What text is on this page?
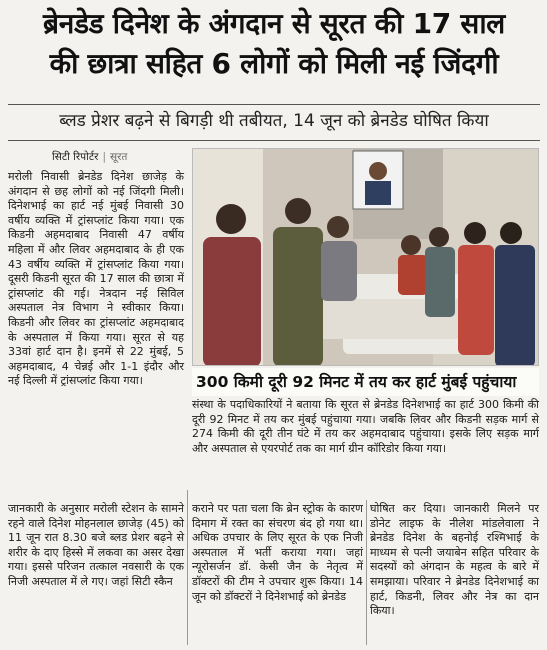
ब्रेनडेड दिनेश के अंगदान से सूरत की 17 साल
की छात्रा सहित 6 लोगों को मिली नई जिंदगी
ब्लड प्रेशर बढ़ने से बिगड़ी थी तबीयत, 14 जून को ब्रेनडेड घोषित किया
सिटी रिपोर्टर | सूरत

मरोली निवासी ब्रेनडेड दिनेश छाजेड़ के अंगदान से छह लोगों को नई जिंदगी मिली। दिनेशभाई का हार्ट नई मुंबई निवासी 30 वर्षीय व्यक्ति में ट्रांसप्लांट किया गया। एक किडनी अहमदाबाद निवासी 47 वर्षीय महिला में और लिवर अहमदाबाद के ही एक 43 वर्षीय व्यक्ति में ट्रांसप्लांट किया गया। दूसरी किडनी सूरत की 17 साल की छात्रा में ट्रांसप्लांट की गई। नेत्रदान नई सिविल अस्पताल नेत्र विभाग ने स्वीकार किया। किडनी और लिवर का ट्रांसप्लांट अहमदाबाद के अस्पताल में किया गया। सूरत से यह 33वां हार्ट दान है। इनमें से 22 मुंबई, 5 अहमदाबाद, 4 चेन्नई और 1-1 इंदौर और नई दिल्ली में ट्रांसप्लांट किया गया।	300 किमी दूरी 92 मिनट में तय कर हार्ट मुंबई पहुंचाया

संस्था के पदाधिकारियों ने बताया कि सूरत से ब्रेनडेड दिनेशभाई का हार्ट 300 किमी की दूरी 92 मिनट में तय कर मुंबई पहुंचाया गया। जबकि लिवर और किडनी सड़क मार्ग से 274 किमी की दूरी तीन घंटे में तय कर अहमदाबाद पहुंचाया। इसके लिए सड़क मार्ग और अस्पताल से एयरपोर्ट तक का मार्ग ग्रीन कॉरिडोर किया गया।

जानकारी के अनुसार मरोली स्टेशन के सामने रहने वाले दिनेश मोहनलाल छाजेड़ (45) को 11 जून रात 8.30 बजे ब्लड प्रेशर बढ़ने से शरीर के दाए हिस्से में लकवा का असर देखा गया। इससे परिजन तत्काल नवसारी के एक निजी अस्पताल में ले गए। जहां सिटी स्कैन

कराने पर पता चला कि ब्रेन स्ट्रोक के कारण दिमाग में रक्त का संचरण बंद हो गया था। अधिक उपचार के लिए सूरत के एक निजी अस्पताल में भर्ती कराया गया। जहां न्यूरोसर्जन डॉ. केसी जैन के नेतृत्व में डॉक्टरों की टीम ने उपचार शुरू किया। 14 जून को डॉक्टरों ने दिनेशभाई को ब्रेनडेड

घोषित कर दिया। जानकारी मिलने पर डोनेट लाइफ के नीलेश मांडलेवाला ने ब्रेनडेड दिनेश के बहनोई रश्मिभाई के माध्यम से पत्नी जयाबेन सहित परिवार के सदस्यों को अंगदान के महत्व के बारे में समझाया। परिवार ने ब्रेनडेड दिनेशभाई का हार्ट, किडनी, लिवर और नेत्र का दान किया।
